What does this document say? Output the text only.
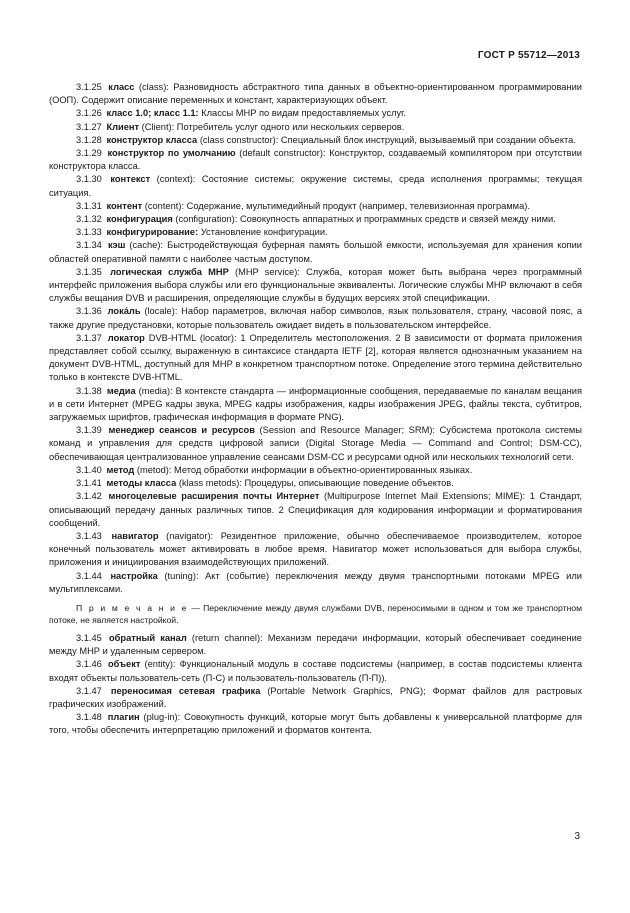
ГОСТ Р 55712—2013

3.1.25 класс (class): Разновидность абстрактного типа данных в объектно-ориентированном программировании (ООП). Содержит описание переменных и констант, характеризующих объект.

3.1.26 класс 1.0; класс 1.1: Классы МНР по видам предоставляемых услуг.

3.1.27 Клиент (Client): Потребитель услуг одного или нескольких серверов.

3.1.28 конструктор класса (class constructor): Специальный блок инструкций, вызываемый при создании объекта.

3.1.29 конструктор по умолчанию (default constructor): Конструктор, создаваемый компилятором при отсутствии конструктора класса.

3.1.30 контекст (context): Состояние системы; окружение системы, среда исполнения программы; текущая ситуация.

3.1.31 контент (content): Содержание, мультимедийный продукт (например, телевизионная программа).

3.1.32 конфигурация (configuration): Совокупность аппаратных и программных средств и связей между ними.

3.1.33 конфигурирование: Установление конфигурации.

3.1.34 кэш (cache): Быстродействующая буферная память большой емкости, используемая для хранения копии областей оперативной памяти с наиболее частым доступом.

3.1.35 логическая служба МНР (MHP service): Служба, которая может быть выбрана через программный интерфейс приложения выбора службы или его функциональные эквиваленты. Логические службы МНР включают в себя службы вещания DVB и расширения, определяющие службы в будущих версиях этой спецификации.

3.1.36 лока́ль (locale): Набор параметров, включая набор символов, язык пользователя, страну, часовой пояс, а также другие предустановки, которые пользователь ожидает видеть в пользовательском интерфейсе.

3.1.37 локатор DVB-HTML (locator): 1 Определитель местоположения. 2 В зависимости от формата приложения представляет собой ссылку, выраженную в синтаксисе стандарта IETF [2], которая является однозначным указанием на документ DVB-HTML, доступный для МНР в конкретном транспортном потоке. Определение этого термина действительно только в контексте DVB-HTML.

3.1.38 медиа (media): В контексте стандарта — информационные сообщения, передаваемые по каналам вещания и в сети Интернет (MPEG кадры звука, MPEG кадры изображения, кадры изображения JPEG, файлы текста, субтитров, загружаемых шрифтов, графическая информация в формате PNG).

3.1.39 менеджер сеансов и ресурсов (Session and Resource Manager; SRM): Субсистема протокола системы команд и управления для средств цифровой записи (Digital Storage Media — Command and Control; DSM-CC), обеспечивающая централизованное управление сеансами DSM-CC и ресурсами одной или нескольких технологий сети.

3.1.40 метод (metod): Метод обработки информации в объектно-ориентированных языках.

3.1.41 методы класса (klass metods): Процедуры, описывающие поведение объектов.

3.1.42 многоцелевые расширения почты Интернет (Multipurpose Internet Mail Extensions; MIME): 1 Стандарт, описывающий передачу данных различных типов. 2 Спецификация для кодирования информации и форматирования сообщений.

3.1.43 навигатор (navigator): Резидентное приложение, обычно обеспечиваемое производителем, которое конечный пользователь может активировать в любое время. Навигатор может использоваться для выбора службы, приложения и инициирования взаимодействующих приложений.

3.1.44 настройка (tuning): Акт (событие) переключения между двумя транспортными потоками MPEG или мультиплексами.

П р и м е ч а н и е — Переключение между двумя службами DVB, переносимыми в одном и том же транспортном потоке, не является настройкой.

3.1.45 обратный канал (return channel): Механизм передачи информации, который обеспечивает соединение между МНР и удаленным сервером.

3.1.46 объект (entity): Функциональный модуль в составе подсистемы (например, в состав подсистемы клиента входят объекты пользователь-сеть (П-С) и пользователь-пользователь (П-П)).

3.1.47 переносимая сетевая графика (Portable Network Graphics, PNG); Формат файлов для растровых графических изображений.

3.1.48 плагин (plug-in): Совокупность функций, которые могут быть добавлены к универсальной платформе для того, чтобы обеспечить интерпретацию приложений и форматов контента.

3
